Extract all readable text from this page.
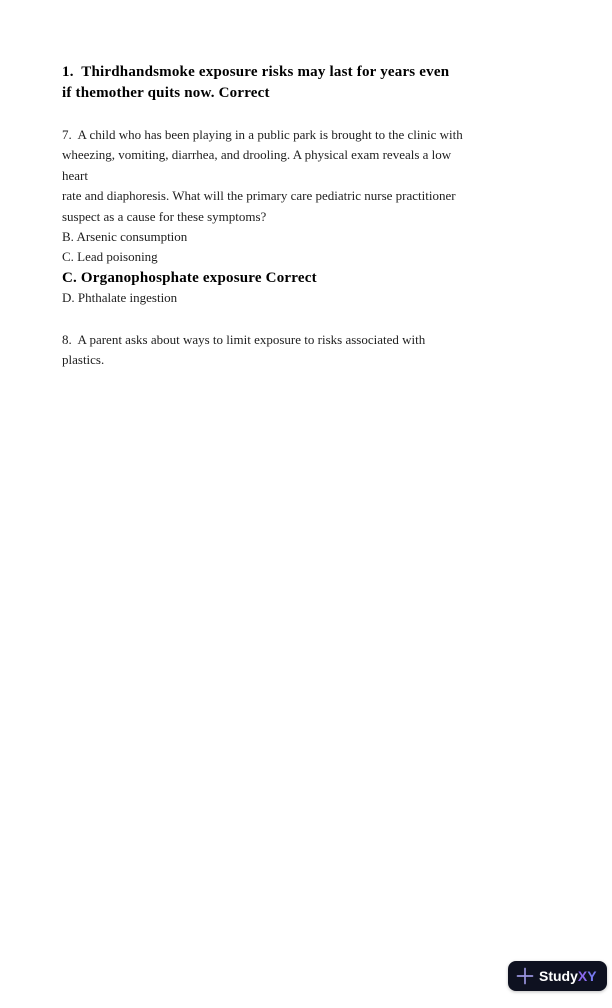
1.  Thirdhandsmoke exposure risks may last for years even
if themother quits now. Correct
7.  A child who has been playing in a public park is brought to the clinic with
wheezing, vomiting, diarrhea, and drooling. A physical exam reveals a low
heart
rate and diaphoresis. What will the primary care pediatric nurse practitioner
suspect as a cause for these symptoms?
B. Arsenic consumption
C. Lead poisoning
C. Organophosphate exposure Correct
D. Phthalate ingestion
8.  A parent asks about ways to limit exposure to risks associated with
plastics.
StudyXY
